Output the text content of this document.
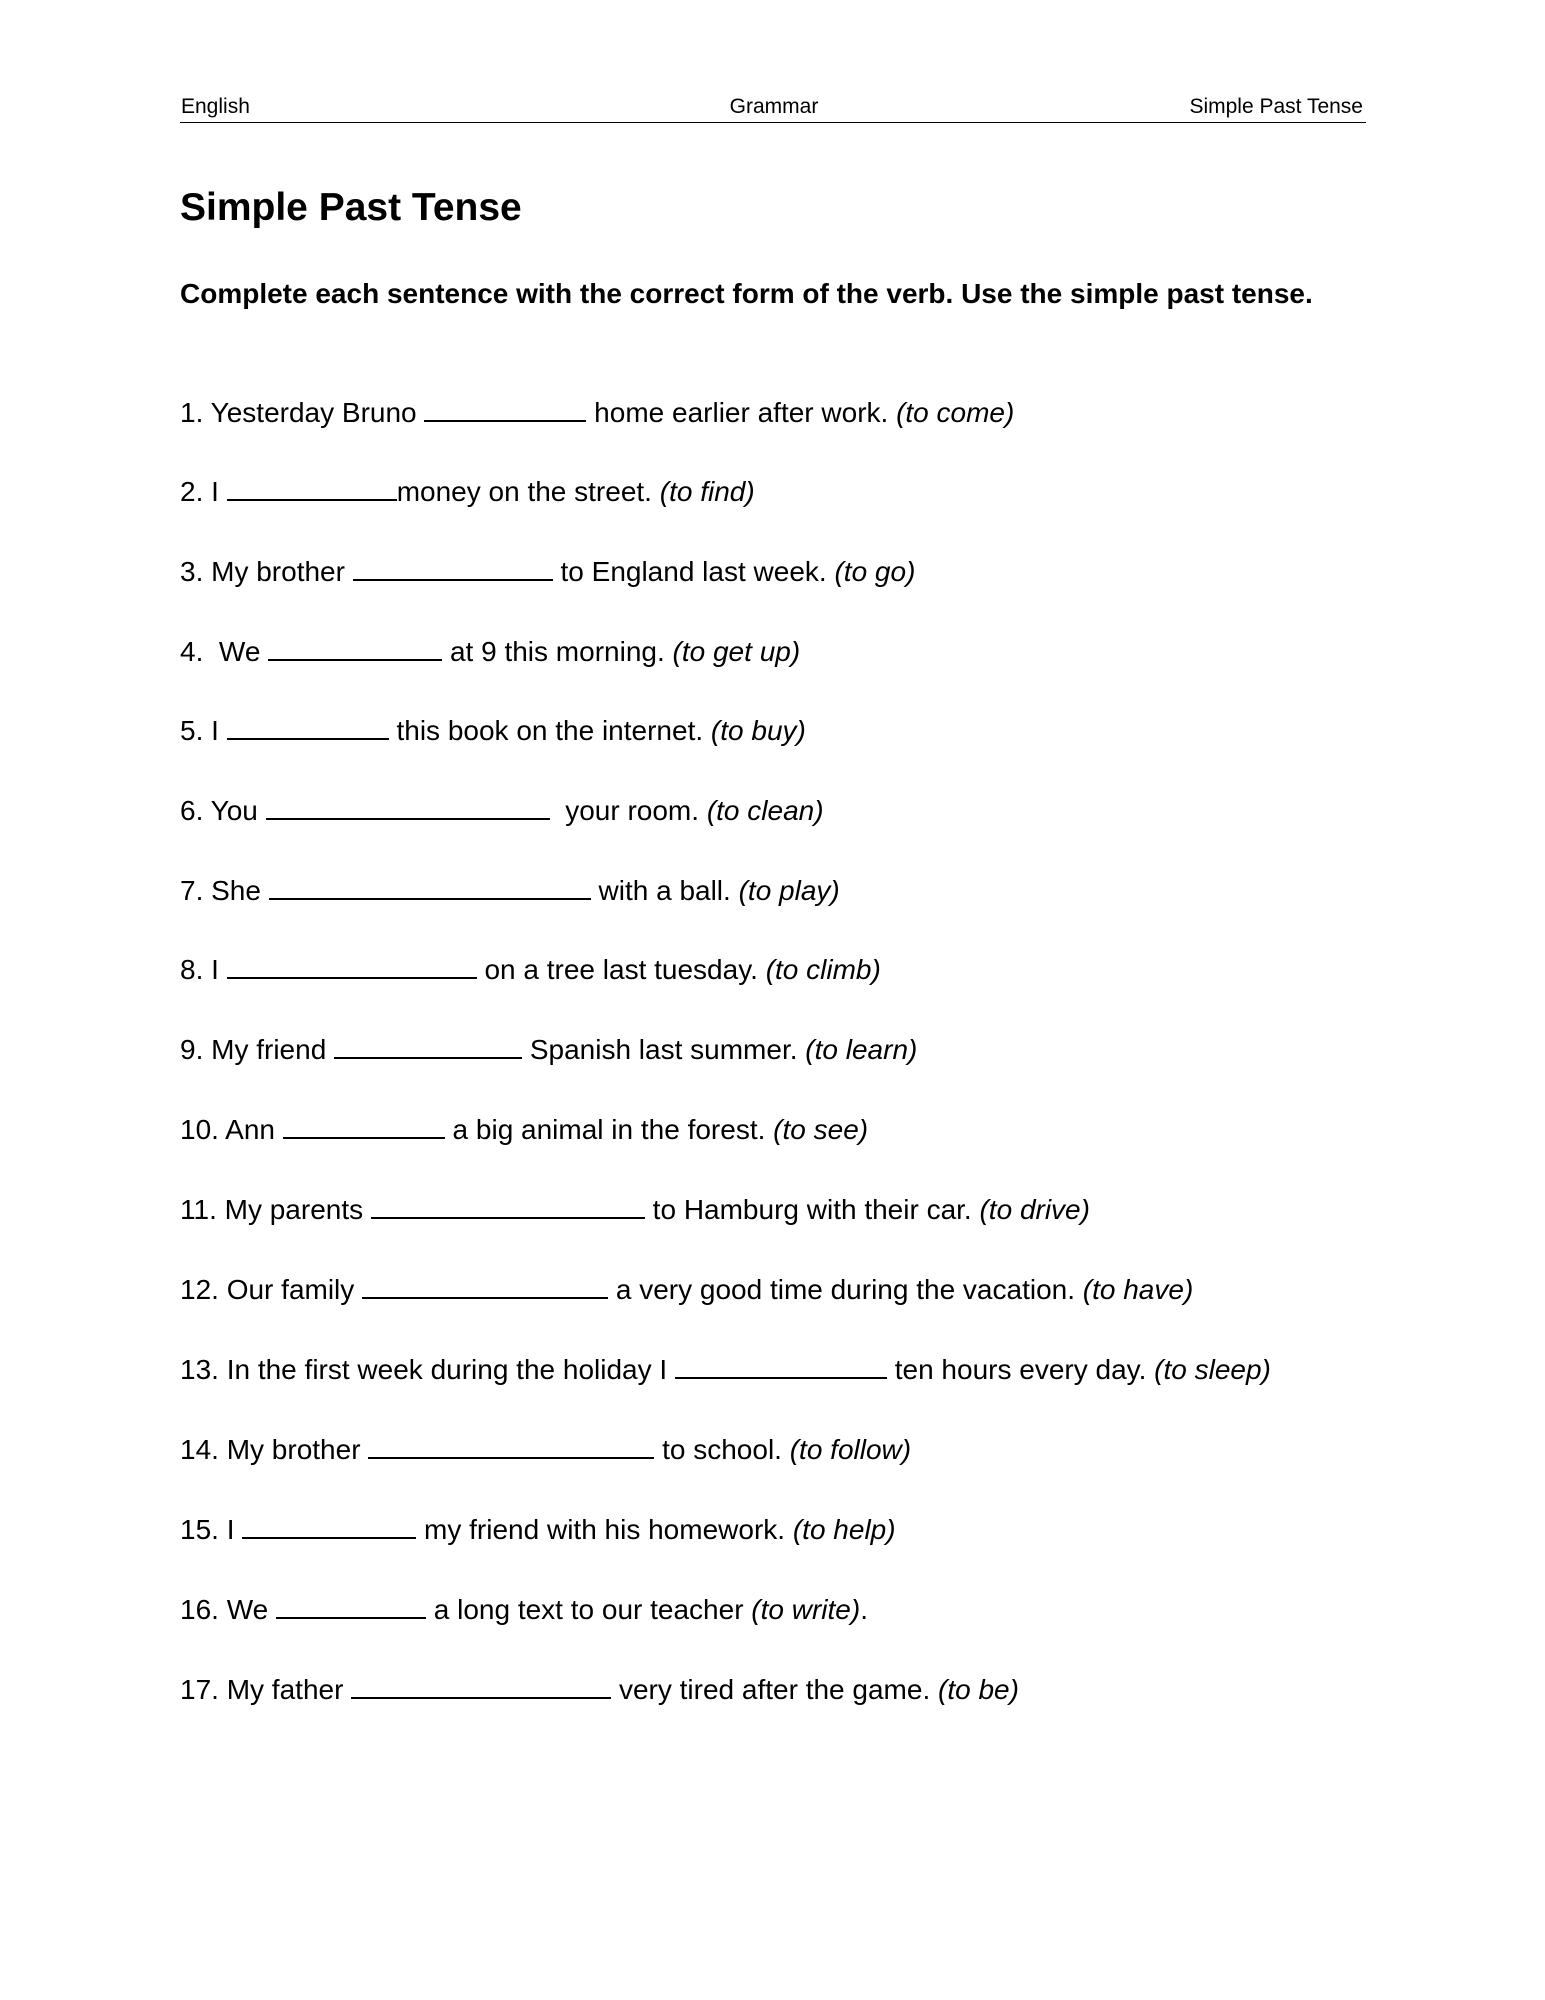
English	Grammar	Simple Past Tense
Simple Past Tense

Complete each sentence with the correct form of the verb. Use the simple past tense.

1. Yesterday Bruno	home earlier after work. (to come)
2. I	money on the street. (to find)
3. My brother	to England last week. (to go)
4.  We	at 9 this morning. (to get up)
5. I	this book on the internet. (to buy)
6. You	your room. (to clean)
7. She	with a ball. (to play)
8. I	on a tree last tuesday. (to climb)
9. My friend	Spanish last summer. (to learn)
10. Ann	a big animal in the forest. (to see)
11. My parents	to Hamburg with their car. (to drive)
12. Our family	a very good time during the vacation. (to have)
13. In the first week during the holiday I	ten hours every day. (to sleep)
14. My brother	to school. (to follow)
15. I	my friend with his homework. (to help)
16. We	a long text to our teacher (to write).
17. My father	very tired after the game. (to be)
